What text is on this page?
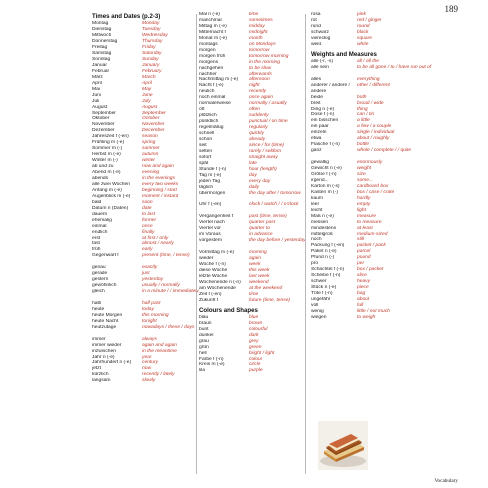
189
Times and Dates (p.2-3)
Montag	Monday
Dienstag	Tuesday
Mittwoch	Wednesday
Donnerstag	Thursday
Freitag	Friday
Samstag	Saturday
Sonntag	Sunday
Januar	January
Februar	February
März	March
April	April
Mai	May
Juni	June
Juli	July
August	August
September	September
Oktober	October
November	November
Dezember	December
Jahreszeit f (-en)	season
Frühling m (-e)	spring
Sommer m (-)	summer
Herbst m (-e)	autumn
Winter m (-)	winter
ab und zu	now and again
Abend m (-e)	evening
abends	in the evenings
alle zwei Wochen	every two weeks
Anfang m (-e)	beginning / start
Augenblick m (-e)	moment / instant
bald	soon
Datum n (Daten)	date
dauern	to last
ehemalig	former
einmal	once
endlich	finally
erst	at first / only
fast	almost / nearly
früh	early
Gegenwart f	present (time, / tense)
genau	exactly
gerade	just
gestern	yesterday
gewöhnlich	usually / normally
gleich	in a minute / / immediately
halb	half past
heute	today
heute Morgen	this morning
heute Nacht	tonight
heutzutage	nowadays / these / days
immer	always
immer wieder	again and again
inzwischen	in the meantime
Jahr n (-e)	year
Jahrhundert n (-e)	century
jetzt	now
kürzlich	recently / lately
langsam	slowly
Mal n (-e)	time
manchmal	sometimes
Mittag m (-e)	midday
Mitternacht f	midnight
Monat m (-e)	month
montags	on Mondays
morgen	tomorrow
morgen früh	tomorrow morning
morgens	in the morning
nachgehen	to be slow
nachher	afterwards
Nachmittag m (-e)	afternoon
Nacht f (-e)	night
neulich	recently
noch einmal	once again
normalerweise	normally / usually
oft	often
plötzlich	suddenly
pünktlich	punctual / on time
regelmäßig	regularly
schnell	quickly
schon	already
seit	since / for (time)
selten	rarely / seldom
sofort	straight away
spät	late
Stunde f (-n)	hour (length)
Tag m (-e)	day
jeden Tag	every day
täglich	daily
übermorgen	the day after / tomorrow
Uhr f (-en)	clock / watch / / o'clock
Vergangenheit f	past (time, tense)
Viertel nach	quarter past
Viertel vor	quarter to
im Voraus	in advance
vorgestern	the day before / yesterday
Vormittag m (-e)	morning
wieder	again
Woche f (-n)	week
diese Woche	this week
letzte Woche	last week
Wochenende n (-n)	weekend
am Wochenende	at the weekend
Zeit f (-en)	time
Zukunft f	future (time, tense)
Colours and Shapes
blau	blue
braun	brown
bunt	colourful
dunkel	dark
grau	grey
grün	green
hell	bright / light
Farbe f (-n)	colour
Kreis m (-e)	circle
lila	purple
rosa	pink
rot	red / ginger
rund	round
schwarz	black
viereckig	square
weiß	white
Weights and Measures
alle (-r, -s)	all / all the
alle sein	to be all gone / to / have run out of
alles	everything
anderer / andere /	other / different
andere
beide	both
breit	broad / wide
Ding n (-e)	thing
Dose f (-n)	can / tin
ein bisschen	a little
ein paar	a few / a couple
einzeln	single / individual
etwa	about / roughly
Flasche f (-n)	bottle
ganz	whole / complete / / quite
gewaltig	enormously
Gewicht n (-e)	weight
Größe f (-n)	size
irgend...	some...
Karton m (-s)	cardboard box
Kasten m (-)	box / case / crate
kaum	hardly
leer	empty
leicht	light
Maß n (-e)	measure
messen	to measure
mindestens	at least
mittelgroß	medium-sized
noch	still
Packung f (-en)	packet / pack
Paket n (-e)	parcel
Pfund n (-)	pound
pro	per
Schachtel f (-n)	box / packet
Scheibe f (-n)	slice
schwer	heavy
Stück n (-e)	piece
Tüte f (-n)	bag
ungefähr	about
voll	full
wenig	little / not much
wiegen	to weigh
Vocabulary
